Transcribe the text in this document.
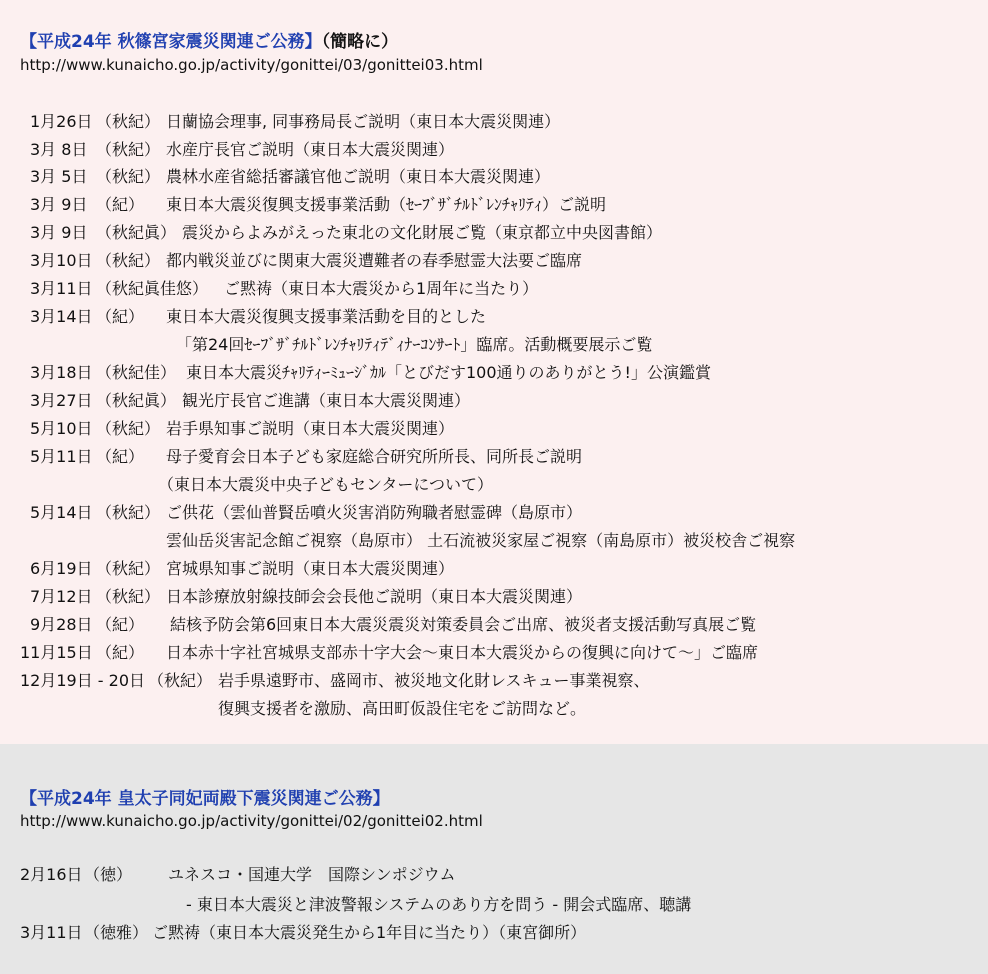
【平成24年 秋篠宮家震災関連ご公務】（簡略に）
http://www.kunaicho.go.jp/activity/gonittei/03/gonittei03.html
1月26日 （秋紀） 日蘭協会理事, 同事務局長ご説明（東日本大震災関連）
3月 8日 （秋紀） 水産庁長官ご説明（東日本大震災関連）
3月 5日 （秋紀） 農林水産省総括審議官他ご説明（東日本大震災関連）
3月 9日 （紀） 東日本大震災復興支援事業活動（ｾｰﾌﾞｻﾞﾁﾙﾄﾞﾚﾝﾁｬﾘﾃｨ）ご説明
3月 9日 （秋紀眞） 震災からよみがえった東北の文化財展ご覧（東京都立中央図書館）
3月10日 （秋紀） 都内戦災並びに関東大震災遭難者の春季慰霊大法要ご臨席
3月11日 （秋紀眞佳悠） ご黙祷（東日本大震災から1周年に当たり）
3月14日 （紀） 東日本大震災復興支援事業活動を目的とした
「第24回ｾｰﾌﾞｻﾞﾁﾙﾄﾞﾚﾝﾁｬﾘﾃｨﾃﾞｨﾅｰｺﾝｻｰﾄ」臨席。活動概要展示ご覧
3月18日 （秋紀佳） 東日本大震災ﾁｬﾘﾃｨｰﾐｭｰｼﾞｶﾙ「とびだす100通りのありがとう!」公演鑑賞
3月27日 （秋紀眞） 観光庁長官ご進講（東日本大震災関連）
5月10日 （秋紀） 岩手県知事ご説明（東日本大震災関連）
5月11日 （紀） 母子愛育会日本子ども家庭総合研究所所長、同所長ご説明
（東日本大震災中央子どもセンターについて）
5月14日 （秋紀） ご供花（雲仙普賢岳噴火災害消防殉職者慰霊碑（島原市）
雲仙岳災害記念館ご視察（島原市） 土石流被災家屋ご視察（南島原市）被災校舎ご視察
6月19日 （秋紀） 宮城県知事ご説明（東日本大震災関連）
7月12日 （秋紀） 日本診療放射線技師会会長他ご説明（東日本大震災関連）
9月28日 （紀） 結核予防会第6回東日本大震災震災対策委員会ご出席、被災者支援活動写真展ご覧
11月15日 （紀） 日本赤十字社宮城県支部赤十字大会～東日本大震災からの復興に向けて～」ご臨席
12月19日 - 20日 （秋紀） 岩手県遠野市、盛岡市、被災地文化財レスキュー事業視察、
復興支援者を激励、高田町仮設住宅をご訪問など。
【平成24年 皇太子同妃両殿下震災関連ご公務】
http://www.kunaicho.go.jp/activity/gonittei/02/gonittei02.html
2月16日 （徳） ユネスコ・国連大学　国際シンポジウム
- 東日本大震災と津波警報システムのあり方を問う - 開会式臨席、聴講
3月11日 （徳雅） ご黙祷（東日本大震災発生から1年目に当たり）（東宮御所）
